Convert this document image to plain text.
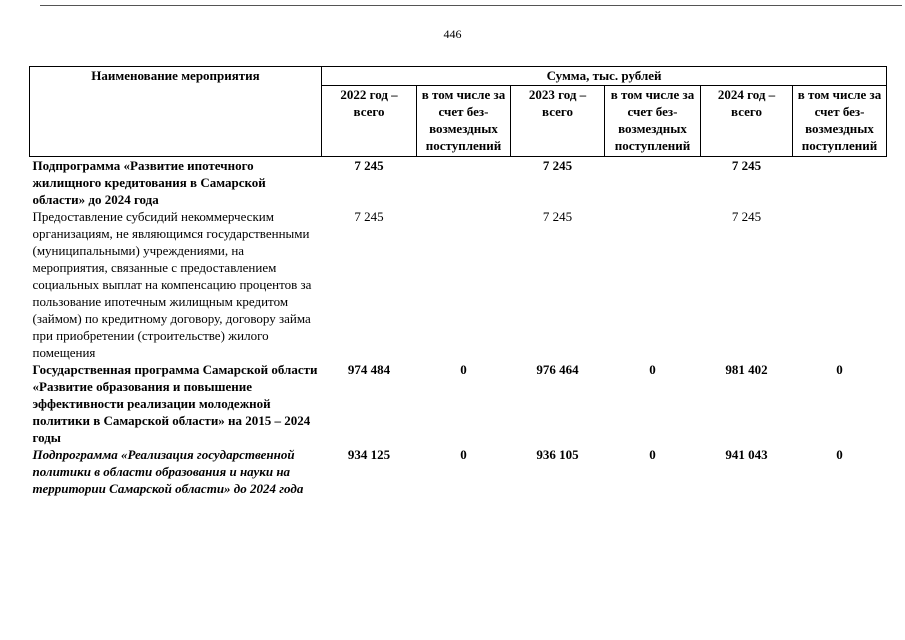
446
Наименование мероприятия	Сумма, тыс. рублей					
	2022 год – всего	в том числе за счет без-возмездных поступлений	2023 год – всего	в том числе за счет без-возмездных поступлений	2024 год – всего	в том числе за счет без-возмездных поступлений
Подпрограмма «Развитие ипотечного жилищного кредитования в Самарской области» до 2024 года	7 245		7 245		7 245	
Предоставление субсидий некоммерческим организациям, не являющимся государственными (муниципальными) учреждениями, на мероприятия, связанные с предоставлением социальных выплат на компенсацию процентов за пользование ипотечным жилищным кредитом (займом) по кредитному договору, договору займа при приобретении (строительстве) жилого помещения	7 245		7 245		7 245	
Государственная программа Самарской области «Развитие образования и повышение эффективности реализации молодежной политики в Самарской области» на 2015 – 2024 годы	974 484	0	976 464	0	981 402	0
Подпрограмма «Реализация государственной политики в области образования и науки на территории Самарской области» до 2024 года	934 125	0	936 105	0	941 043	0
